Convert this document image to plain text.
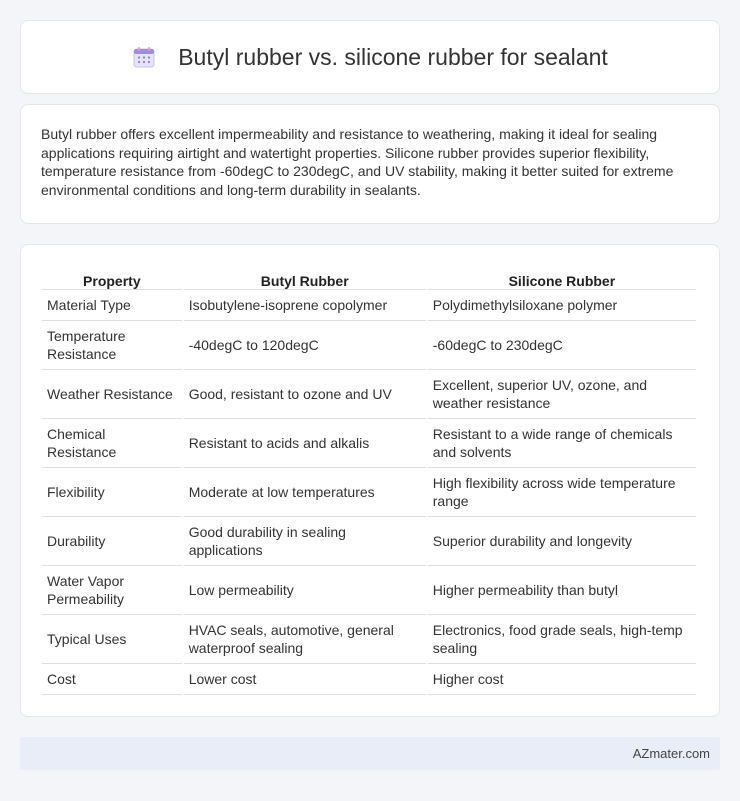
Butyl rubber vs. silicone rubber for sealant

Butyl rubber offers excellent impermeability and resistance to weathering, making it ideal for sealing applications requiring airtight and watertight properties. Silicone rubber provides superior flexibility, temperature resistance from -60degC to 230degC, and UV stability, making it better suited for extreme environmental conditions and long-term durability in sealants.

Property	Butyl Rubber	Silicone Rubber
Material Type	Isobutylene-isoprene copolymer	Polydimethylsiloxane polymer
Temperature Resistance	-40degC to 120degC	-60degC to 230degC
Weather Resistance	Good, resistant to ozone and UV	Excellent, superior UV, ozone, and weather resistance
Chemical Resistance	Resistant to acids and alkalis	Resistant to a wide range of chemicals and solvents
Flexibility	Moderate at low temperatures	High flexibility across wide temperature range
Durability	Good durability in sealing applications	Superior durability and longevity
Water Vapor Permeability	Low permeability	Higher permeability than butyl
Typical Uses	HVAC seals, automotive, general waterproof sealing	Electronics, food grade seals, high-temp sealing
Cost	Lower cost	Higher cost
AZmater.com
